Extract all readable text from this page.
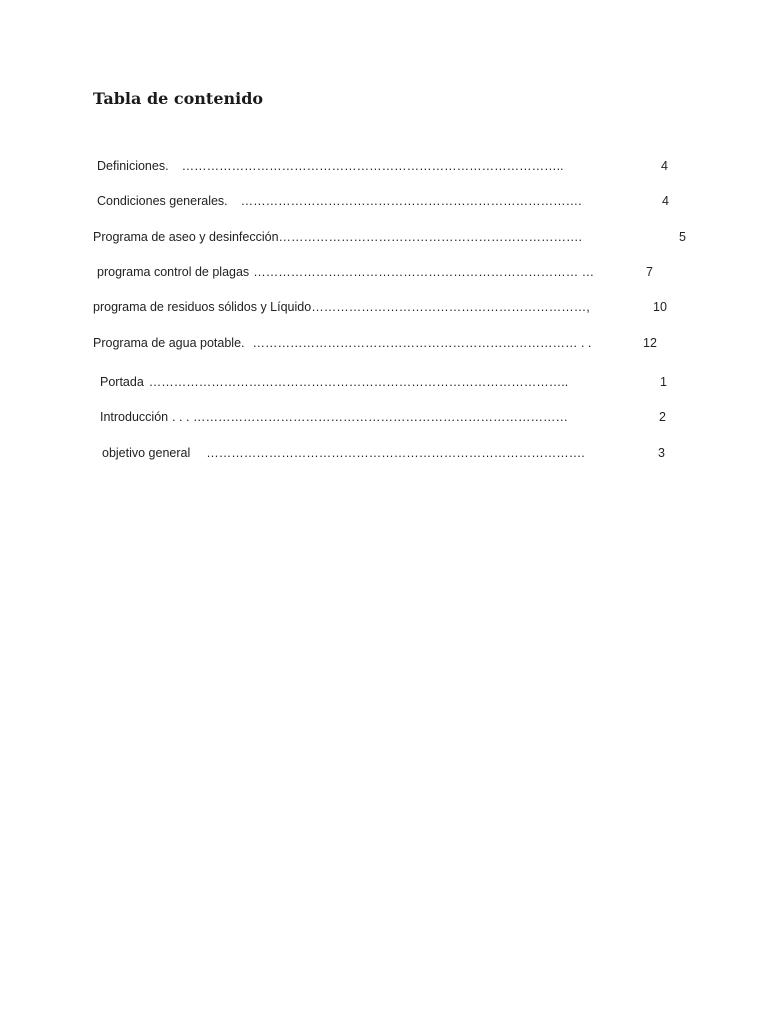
Tabla de contenido
Definiciones. ………………………………………………………………………………..	4
Condiciones generales. ……………………………………………………………………….	4
Programa de aseo y desinfección……………………………………………………………….	5
programa control de plagas …………………………………………………………………… …	7
programa de residuos sólidos y Líquido…………………………………………………………,	10
Programa de agua potable. …………………………………………………………………… . .	12
Portada ………………………………………………………………………………………..	1
Introducción . . . ………………………………………………………………………………	2
objetivo general ……………………………………………………………………………….	3
